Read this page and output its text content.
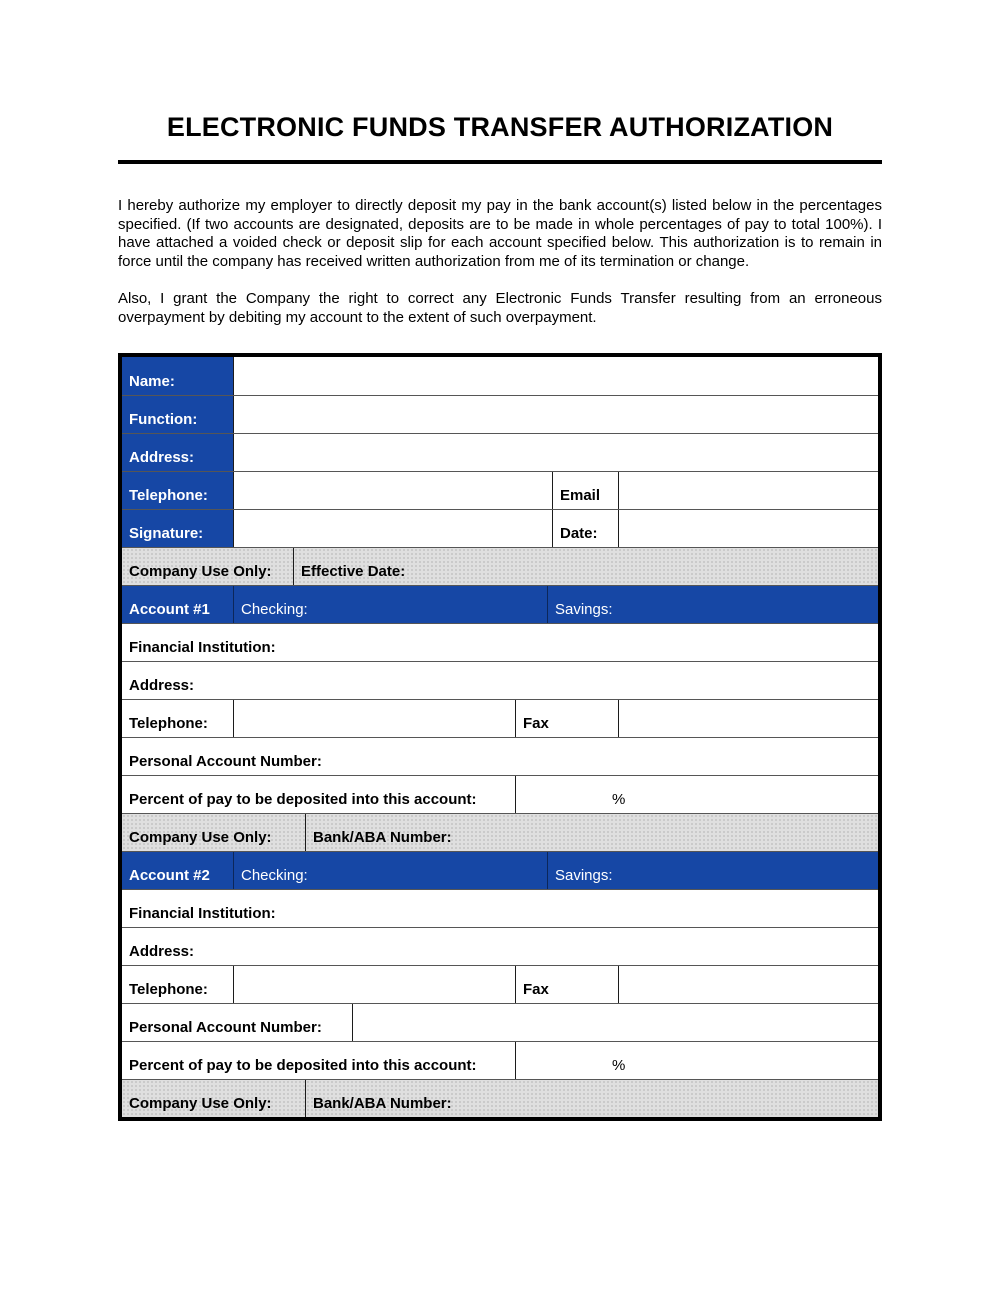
ELECTRONIC FUNDS TRANSFER AUTHORIZATION

I hereby authorize my employer to directly deposit my pay in the bank account(s) listed below in the percentages specified. (If two accounts are designated, deposits are to be made in whole percentages of pay to total 100%). I have attached a voided check or deposit slip for each account specified below. This authorization is to remain in force until the company has received written authorization from me of its termination or change.

Also, I grant the Company the right to correct any Electronic Funds Transfer resulting from an erroneous overpayment by debiting my account to the extent of such overpayment.

Name:
Function:
Address:
Telephone:	Email
Signature:	Date:
Company Use Only: Effective Date:
Account #1 Checking:	Savings:
Financial Institution:
Address:
Telephone:	Fax
Personal Account Number:
Percent of pay to be deposited into this account:	%
Company Use Only:	Bank/ABA Number:
Account #2 Checking:	Savings:
Financial Institution:
Address:
Telephone:	Fax
Personal Account Number:
Percent of pay to be deposited into this account:	%
Company Use Only:	Bank/ABA Number:
